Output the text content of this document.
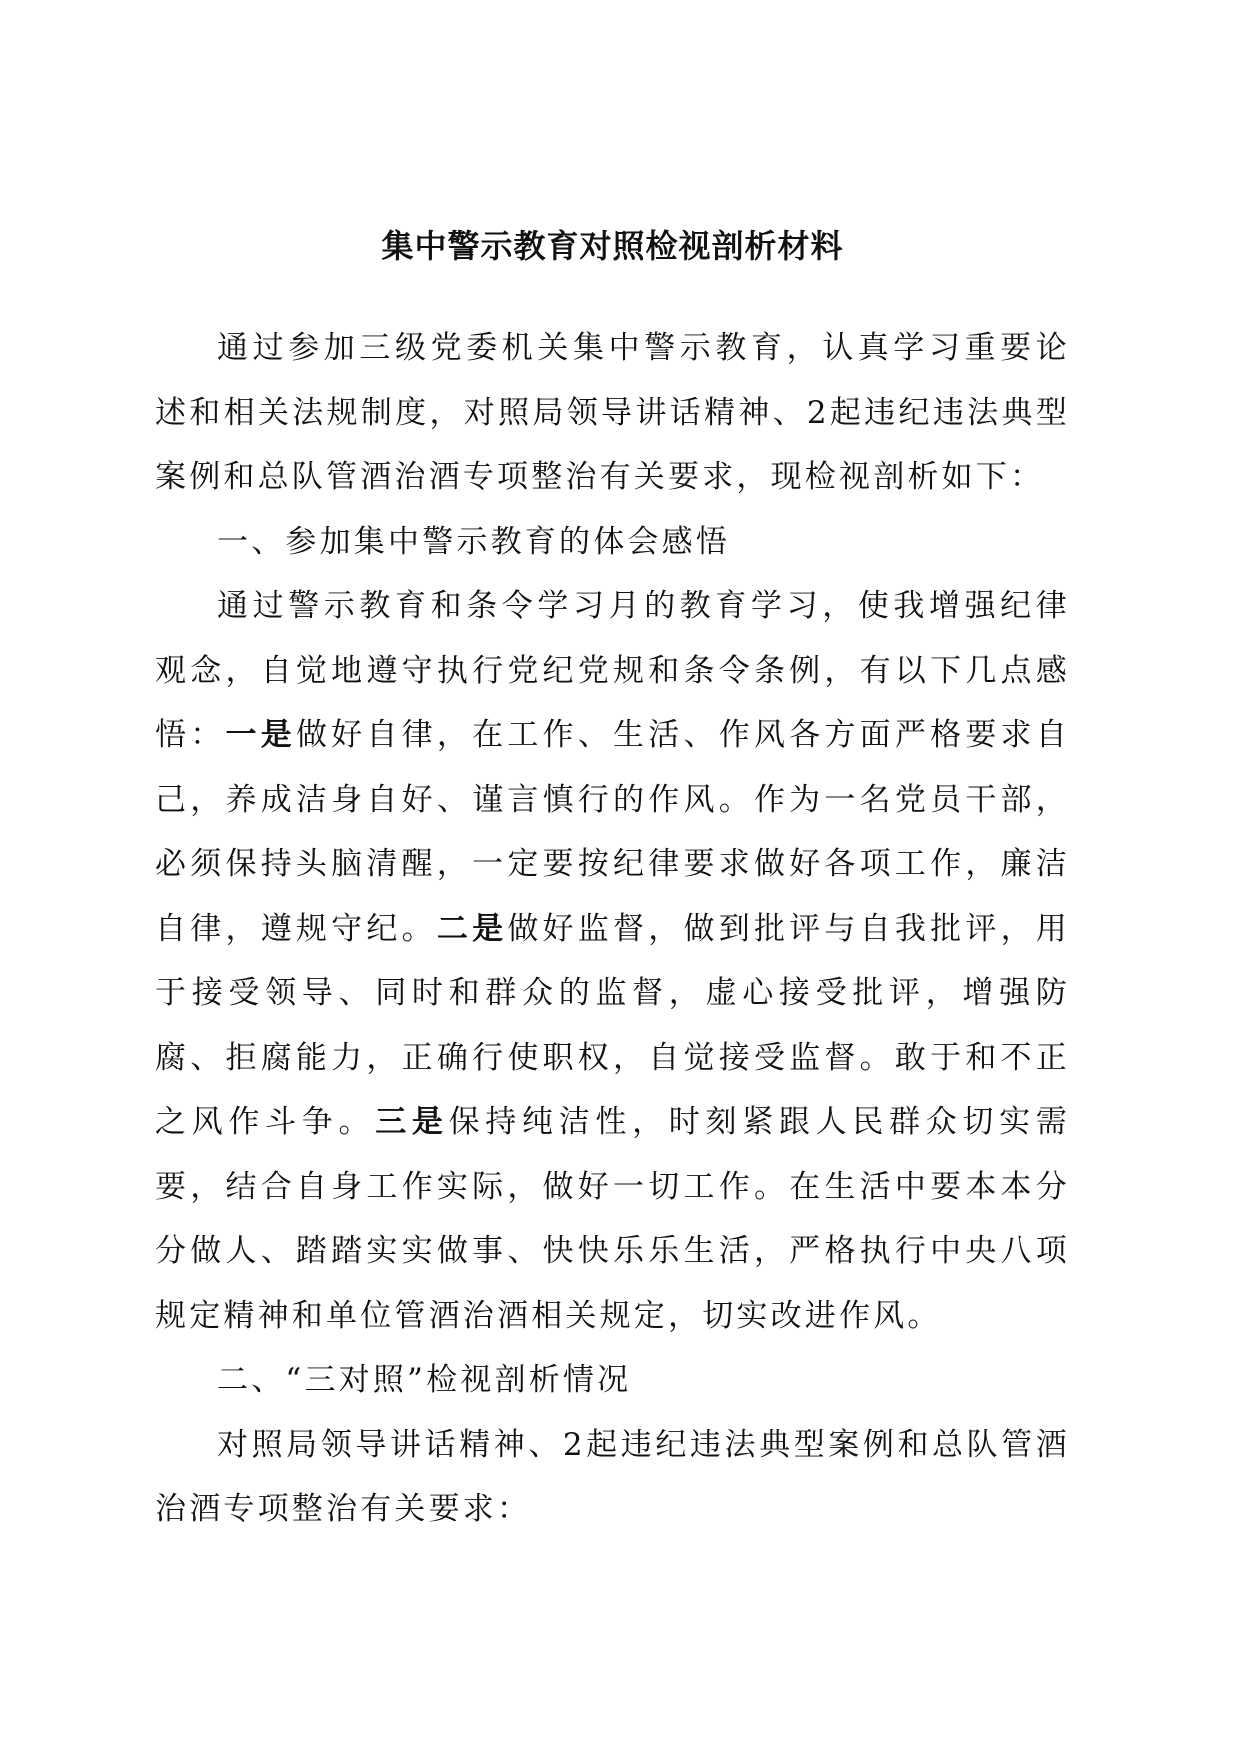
集中警示教育对照检视剖析材料

通过参加三级党委机关集中警示教育，认真学习重要论述和相关法规制度，对照局领导讲话精神、2起违纪违法典型案例和总队管酒治酒专项整治有关要求，现检视剖析如下：

一、参加集中警示教育的体会感悟

通过警示教育和条令学习月的教育学习，使我增强纪律观念，自觉地遵守执行党纪党规和条令条例，有以下几点感悟：一是做好自律，在工作、生活、作风各方面严格要求自己，养成洁身自好、谨言慎行的作风。作为一名党员干部，必须保持头脑清醒，一定要按纪律要求做好各项工作，廉洁自律，遵规守纪。二是做好监督，做到批评与自我批评，用于接受领导、同时和群众的监督，虚心接受批评，增强防腐、拒腐能力，正确行使职权，自觉接受监督。敢于和不正之风作斗争。三是保持纯洁性，时刻紧跟人民群众切实需要，结合自身工作实际，做好一切工作。在生活中要本本分分做人、踏踏实实做事、快快乐乐生活，严格执行中央八项规定精神和单位管酒治酒相关规定，切实改进作风。

二、“三对照”检视剖析情况

对照局领导讲话精神、2起违纪违法典型案例和总队管酒治酒专项整治有关要求：
